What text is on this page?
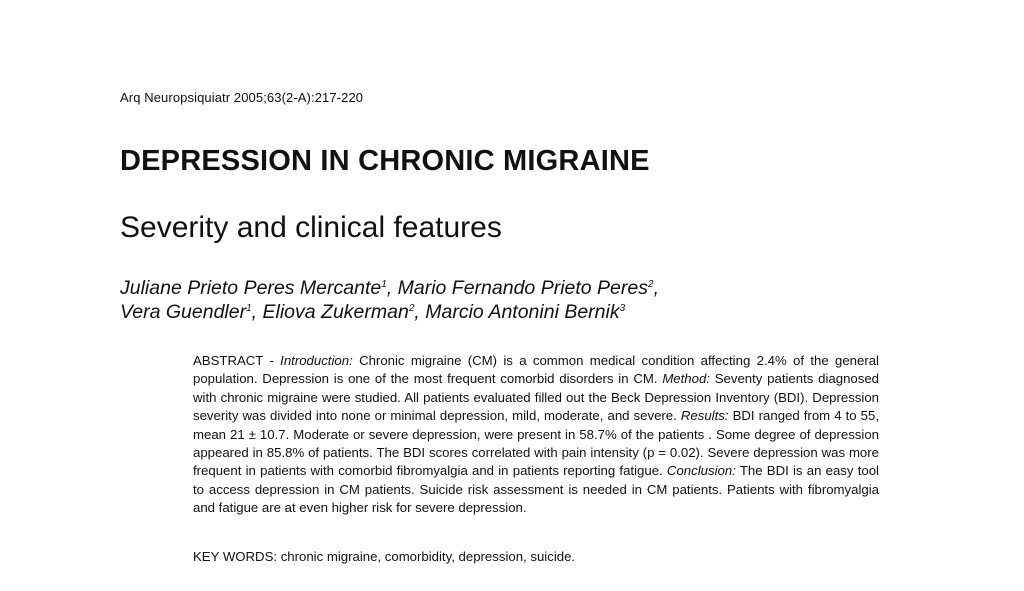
Arq Neuropsiquiatr 2005;63(2-A):217-220
DEPRESSION IN CHRONIC MIGRAINE
Severity and clinical features
Juliane Prieto Peres Mercante$^1$, Mario Fernando Prieto Peres$^2$,
Vera Guendler$^1$, Eliova Zukerman$^2$, Marcio Antonini Bernik$^3$
ABSTRACT - Introduction: Chronic migraine (CM) is a common medical condition affecting 2.4% of the general population. Depression is one of the most frequent comorbid disorders in CM. Method: Seventy patients diagnosed with chronic migraine were studied. All patients evaluated filled out the Beck Depression Inventory (BDI). Depression severity was divided into none or minimal depression, mild, moderate, and severe. Results: BDI ranged from 4 to 55, mean 21 ± 10.7. Moderate or severe depression, were present in 58.7% of the patients . Some degree of depression appeared in 85.8% of patients. The BDI scores correlated with pain intensity (p = 0.02). Severe depression was more frequent in patients with comorbid fibromyalgia and in patients reporting fatigue. Conclusion: The BDI is an easy tool to access depression in CM patients. Suicide risk assessment is needed in CM patients. Patients with fibromyalgia and fatigue are at even higher risk for severe depression.
KEY WORDS: chronic migraine, comorbidity, depression, suicide.
